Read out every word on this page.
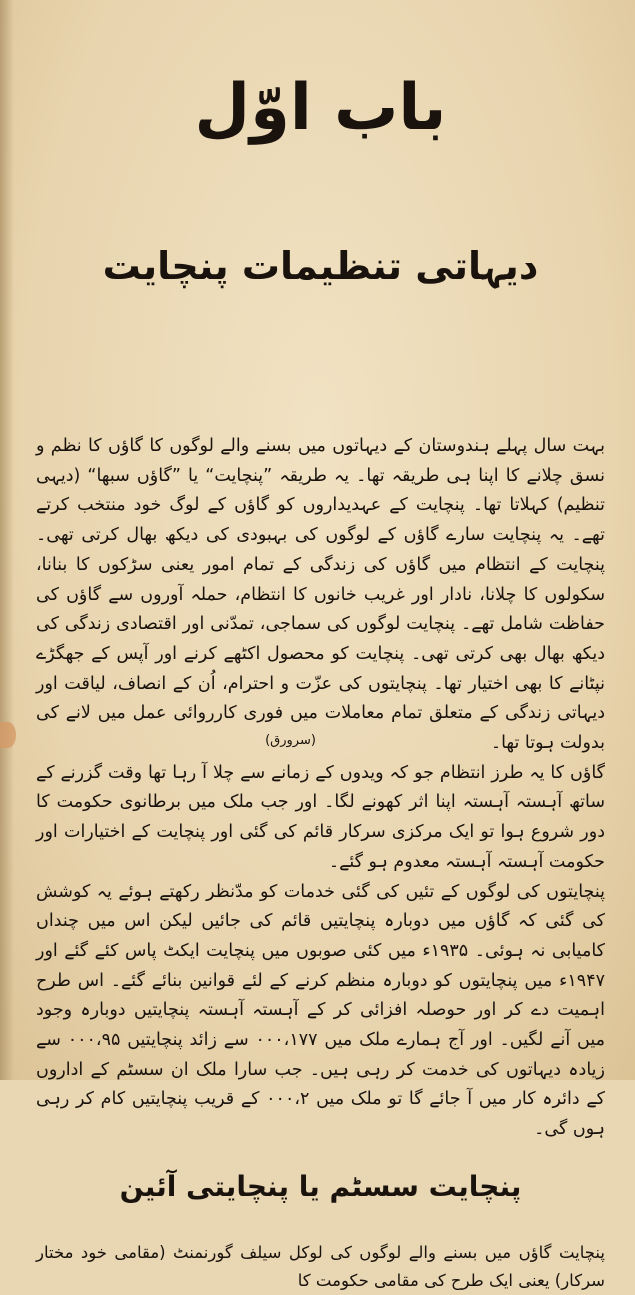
باب اوّل
دیہاتی تنظیمات پنچایت

بہت سال پہلے ہندوستان کے دیہاتوں میں بسنے والے لوگوں کا گاؤں کا نظم و نسق چلانے کا اپنا ہی طریقہ تھا۔ یہ طریقہ ”پنچایت“ یا ”گاؤں سبھا“ (دیہی تنظیم) کہلاتا تھا۔ پنچایت کے عہدیداروں کو گاؤں کے لوگ خود منتخب کرتے تھے۔ یہ پنچایت سارے گاؤں کے لوگوں کی بہبودی کی دیکھ بھال کرتی تھی۔ پنچایت کے انتظام میں گاؤں کی زندگی کے تمام امور یعنی سڑکوں کا بنانا، سکولوں کا چلانا، نادار اور غریب خانوں کا انتظام، حملہ آوروں سے گاؤں کی حفاظت شامل تھے۔ پنچایت لوگوں کی سماجی، تمدّنی اور اقتصادی زندگی کی دیکھ بھال بھی کرتی تھی۔ پنچایت کو محصول اکٹھے کرنے اور آپس کے جھگڑے نپٹانے کا بھی اختیار تھا۔ پنچایتوں کی عزّت و احترام، اُن کے انصاف، لیاقت اور دیہاتی زندگی کے متعلق تمام معاملات میں فوری کارروائی عمل میں لانے کی بدولت ہوتا تھا۔

(سرورق)

گاؤں کا یہ طرز انتظام جو کہ ویدوں کے زمانے سے چلا آ رہا تھا وقت گزرنے کے ساتھ آہستہ آہستہ اپنا اثر کھونے لگا۔ اور جب ملک میں برطانوی حکومت کا دور شروع ہوا تو ایک مرکزی سرکار قائم کی گئی اور پنچایت کے اختیارات اور حکومت آہستہ آہستہ معدوم ہو گئے۔

پنچایتوں کی لوگوں کے تئیں کی گئی خدمات کو مدّنظر رکھتے ہوئے یہ کوشش کی گئی کہ گاؤں میں دوبارہ پنچایتیں قائم کی جائیں لیکن اس میں چنداں کامیابی نہ ہوئی۔ ۱۹۳۵ء میں کئی صوبوں میں پنچایت ایکٹ پاس کئے گئے اور ۱۹۴۷ء میں پنچایتوں کو دوبارہ منظم کرنے کے لئے قوانین بنائے گئے۔ اس طرح اہمیت دے کر اور حوصلہ افزائی کر کے آہستہ آہستہ پنچایتیں دوبارہ وجود میں آنے لگیں۔ اور آج ہمارے ملک میں ۰۰۰،۱۷۷ سے زائد پنچایتیں ۰۰۰،۹۵ سے زیادہ دیہاتوں کی خدمت کر رہی ہیں۔ جب سارا ملک ان سسٹم کے اداروں کے دائرہ کار میں آ جائے گا تو ملک میں ۰۰۰،۲ کے قریب پنچایتیں کام کر رہی ہوں گی۔

پنچایت سسٹم یا پنچایتی آئین

پنچایت گاؤں میں بسنے والے لوگوں کی لوکل سیلف گورنمنٹ (مقامی خود مختار سرکار) یعنی ایک طرح کی مقامی حکومت کا
